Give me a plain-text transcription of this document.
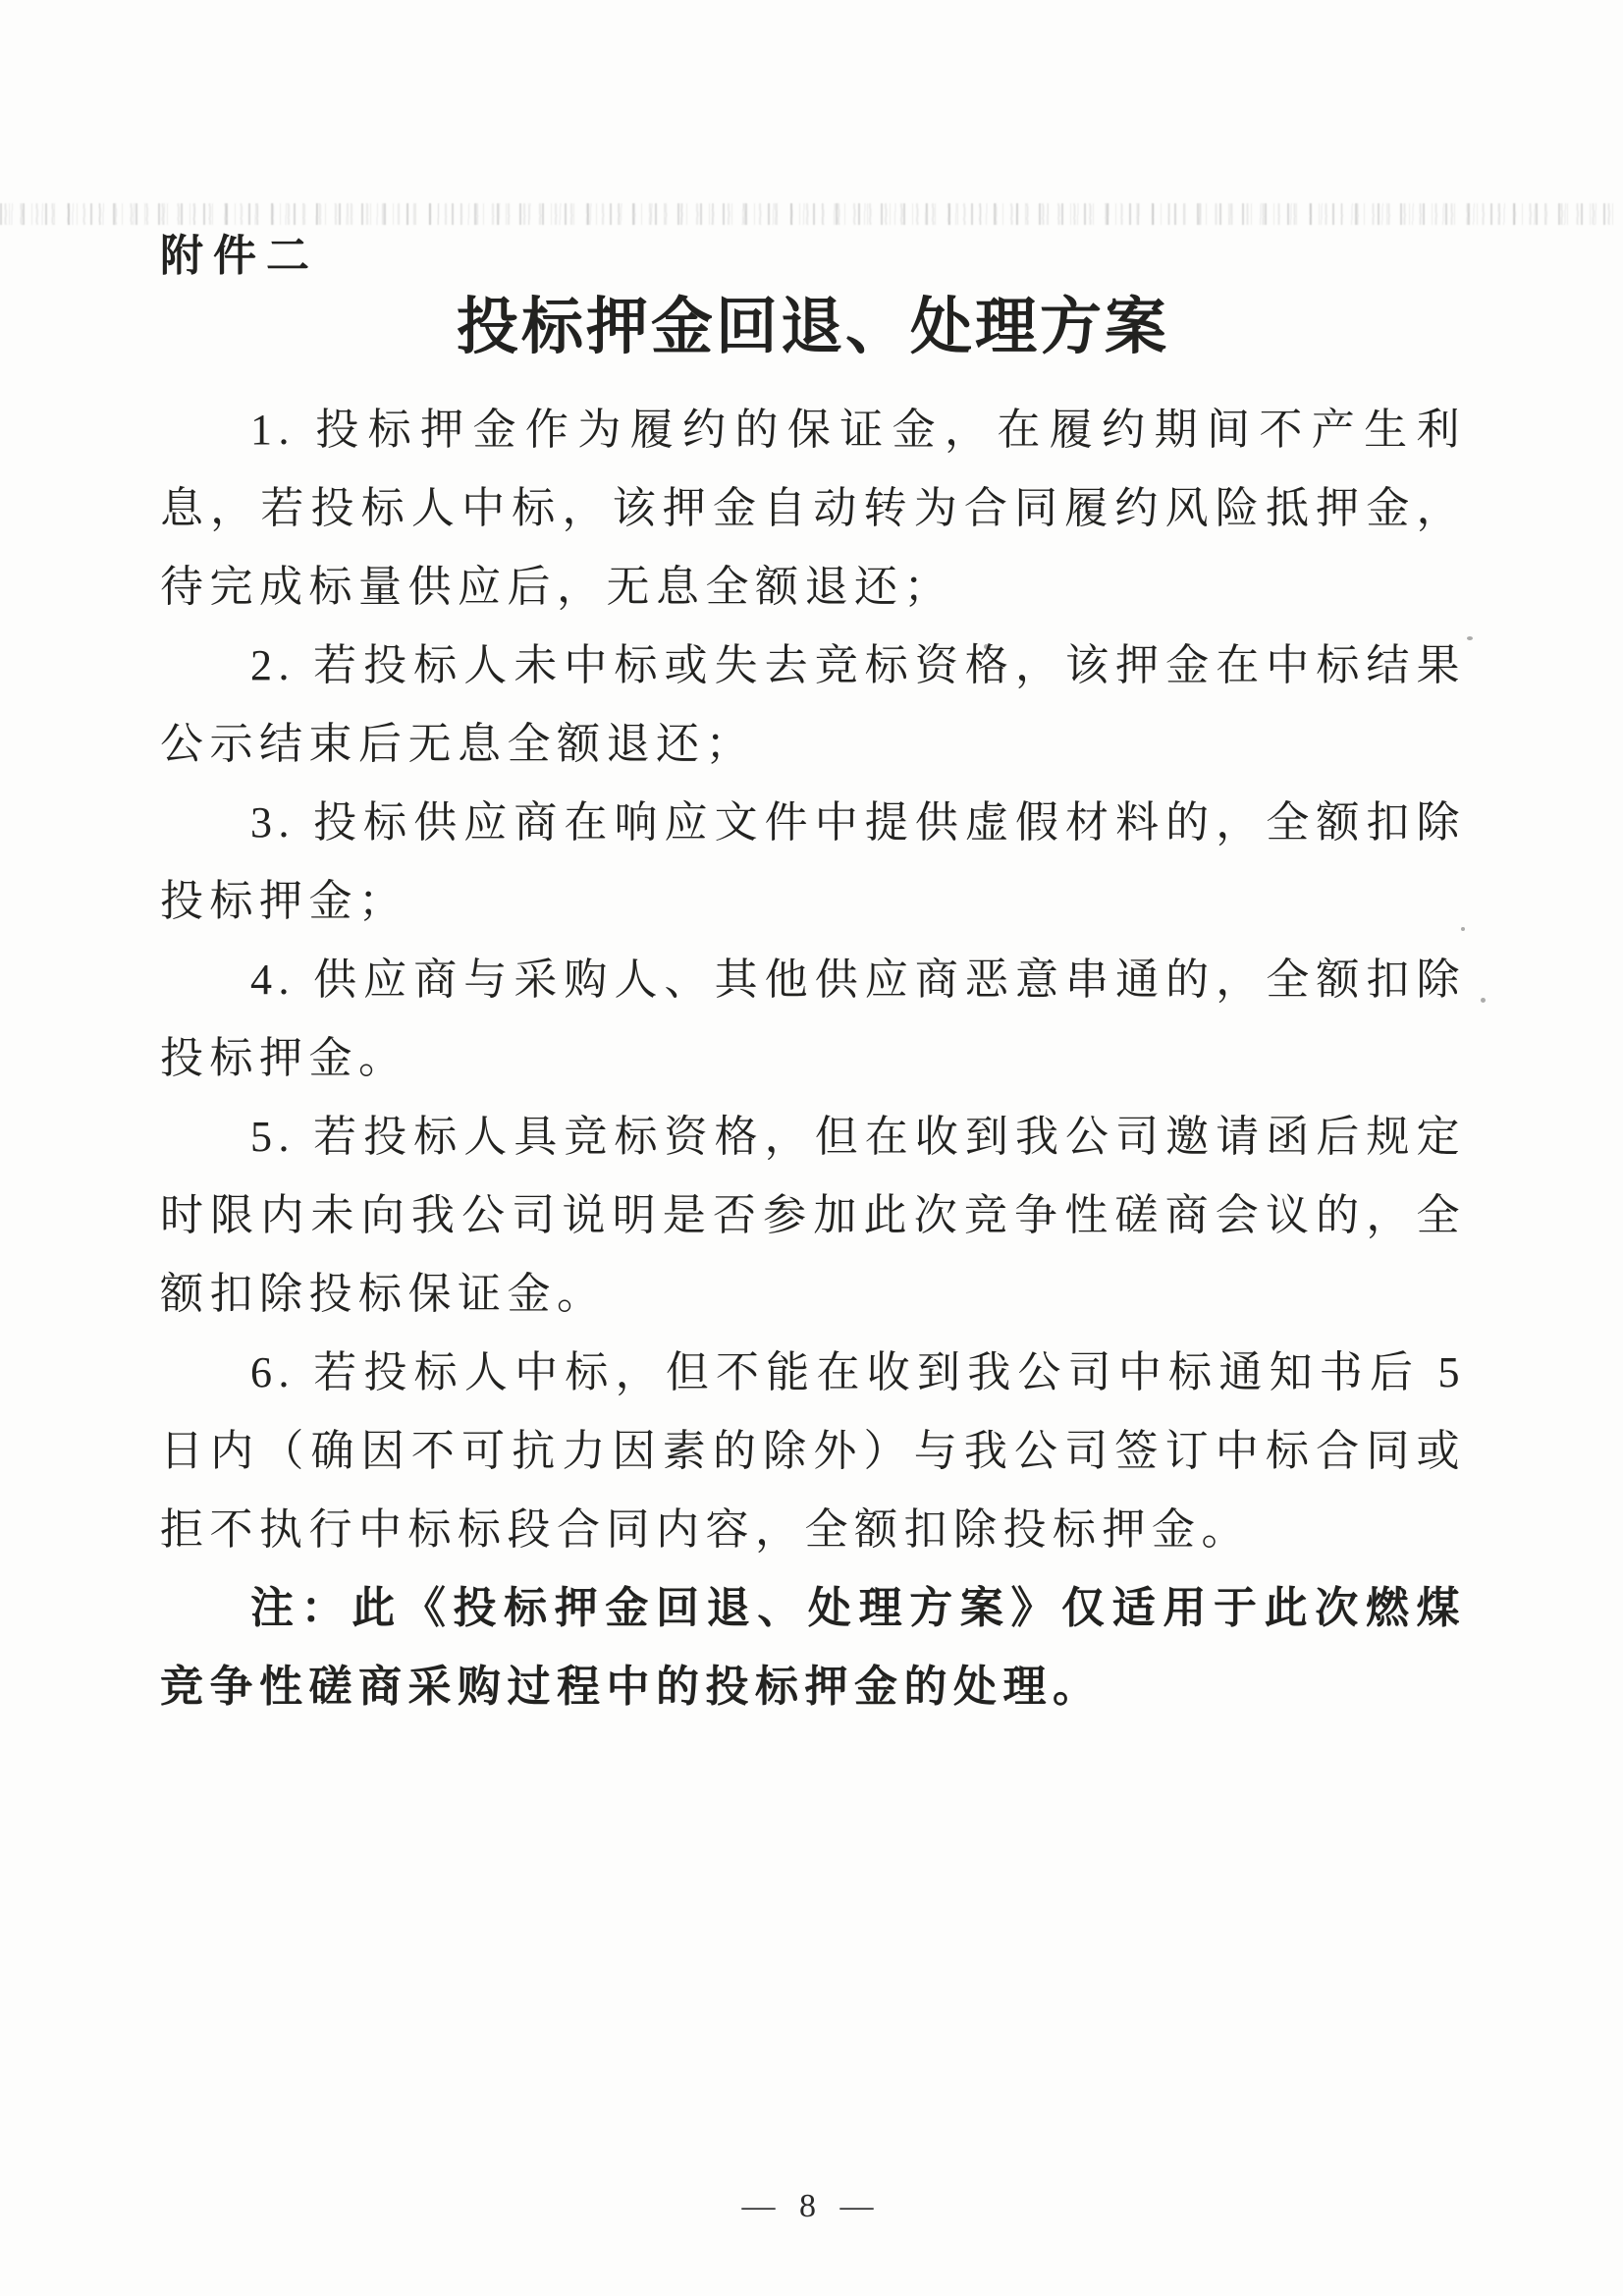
附件二
投标押金回退、处理方案

1. 投标押金作为履约的保证金，在履约期间不产生利息，若投标人中标，该押金自动转为合同履约风险抵押金，待完成标量供应后，无息全额退还；

2. 若投标人未中标或失去竞标资格，该押金在中标结果公示结束后无息全额退还；

3. 投标供应商在响应文件中提供虚假材料的，全额扣除投标押金；

4. 供应商与采购人、其他供应商恶意串通的，全额扣除投标押金。

5. 若投标人具竞标资格，但在收到我公司邀请函后规定时限内未向我公司说明是否参加此次竞争性磋商会议的，全额扣除投标保证金。

6. 若投标人中标，但不能在收到我公司中标通知书后 5 日内（确因不可抗力因素的除外）与我公司签订中标合同或拒不执行中标标段合同内容，全额扣除投标押金。

注：此《投标押金回退、处理方案》仅适用于此次燃煤竞争性磋商采购过程中的投标押金的处理。

— 8 —
